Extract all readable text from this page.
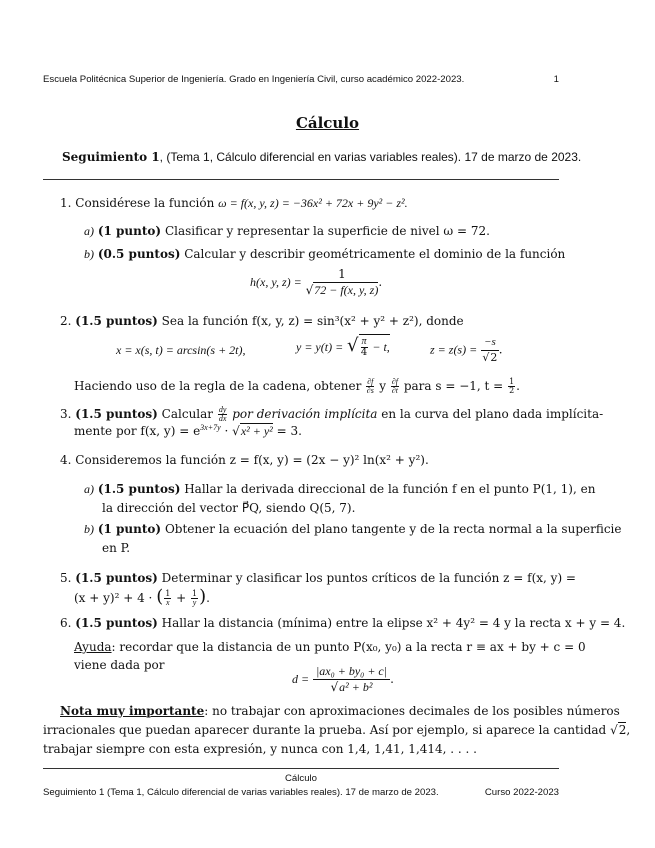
Escuela Politécnica Superior de Ingeniería. Grado en Ingeniería Civil, curso académico 2022-2023.	1
Cálculo
Seguimiento 1, (Tema 1, Cálculo diferencial en varias variables reales). 17 de marzo de 2023.
1. Considérese la función ω = f(x, y, z) = −36x² + 72x + 9y² − z².
a) (1 punto) Clasificar y representar la superficie de nivel ω = 72.
b) (0.5 puntos) Calcular y describir geométricamente el dominio de la función
h(x, y, $z) = \frac{1}{√72 - f(x, y, z)}$ .
2. (1.5 puntos) Sea la función f(x, y, z) = sin³(x² + y² + z²), donde
x = x(s, t) = arcsin(s + 2t),	y = y(t) = √ $\frac{\pi}{4} - t$,	$z = z(s) = \frac{-s}{√2}$ .
Haciendo uso de la regla de la cadena, obtener $\frac{\partial f}{\partial s}$ y $\frac{\partial f}{\partial t}$ para s = −1, $t = \frac{1}{2}$ .
3. (1.5 puntos) Calcular $\frac{dy}{dx}$ por derivación implícita en la curva del plano dada implícita-
mente por f(x, $y) = e^{3x+7y} \cdot √x^2 + y^2 = 3$.
4. Consideremos la función z = f(x, y) = (2x − y)² ln(x² + y²).
a) (1.5 puntos) Hallar la derivada direccional de la función f en el punto P(1, 1), en
la dirección del vector P⃗Q, siendo Q(5, 7).
b) (1 punto) Obtener la ecuación del plano tangente y de la recta normal a la superficie
en P.
5. (1.5 puntos) Determinar y clasificar los puntos críticos de la función z = f(x, y) =
(x + y)² + 4 · ( $\frac{1}{x} + \frac{1}{y}$ ).
6. (1.5 puntos) Hallar la distancia (mínima) entre la elipse x² + 4y² = 4 y la recta x + y = 4.
Ayuda: recordar que la distancia de un punto P(x₀, y₀) a la recta r ≡ ax + by + c = 0
viene dada por
$d = \frac{\text{|ax₀ + by₀ + c|}}{\text{√a² + b²}}$ .
Nota muy importante: no trabajar con aproximaciones decimales de los posibles números
irracionales que puedan aparecer durante la prueba. Así por ejemplo, si aparece la cantidad √2,
trabajar siempre con esta expresión, y nunca con 1,4, 1,41, 1,414, . . . .
Cálculo
Seguimiento 1 (Tema 1, Cálculo diferencial de varias variables reales). 17 de marzo de 2023.	Curso 2022-2023
